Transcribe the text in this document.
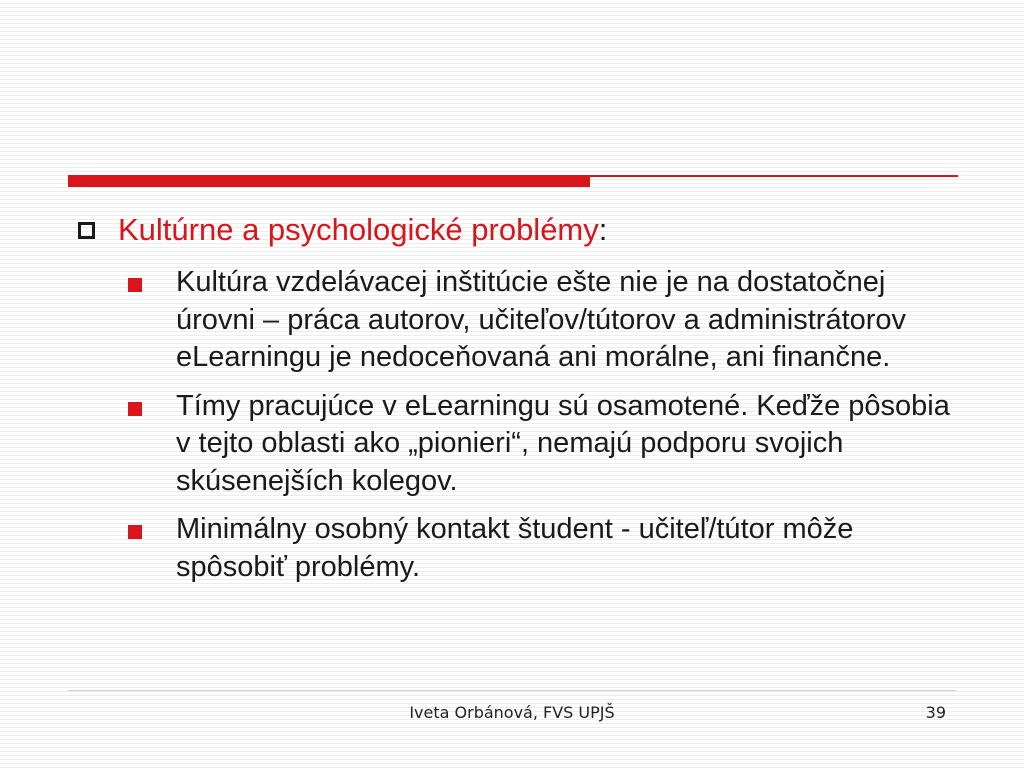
Kultúrne a psychologické problémy :
Kultúra vzdelávacej inštitúcie ešte nie je na dostatočnej úrovni – práca autorov, učiteľov/tútorov a administrátorov eLearningu je nedoceňovaná ani morálne, ani finančne.
Tímy pracujúce v eLearningu sú osamotené. Keďže pôsobia v tejto oblasti ako „pionieri“, nemajú podporu svojich skúsenejších kolegov.
Minimálny osobný kontakt študent - učiteľ/tútor môže spôsobiť problémy.
Iveta Orbánová, FVS UPJŠ	39
